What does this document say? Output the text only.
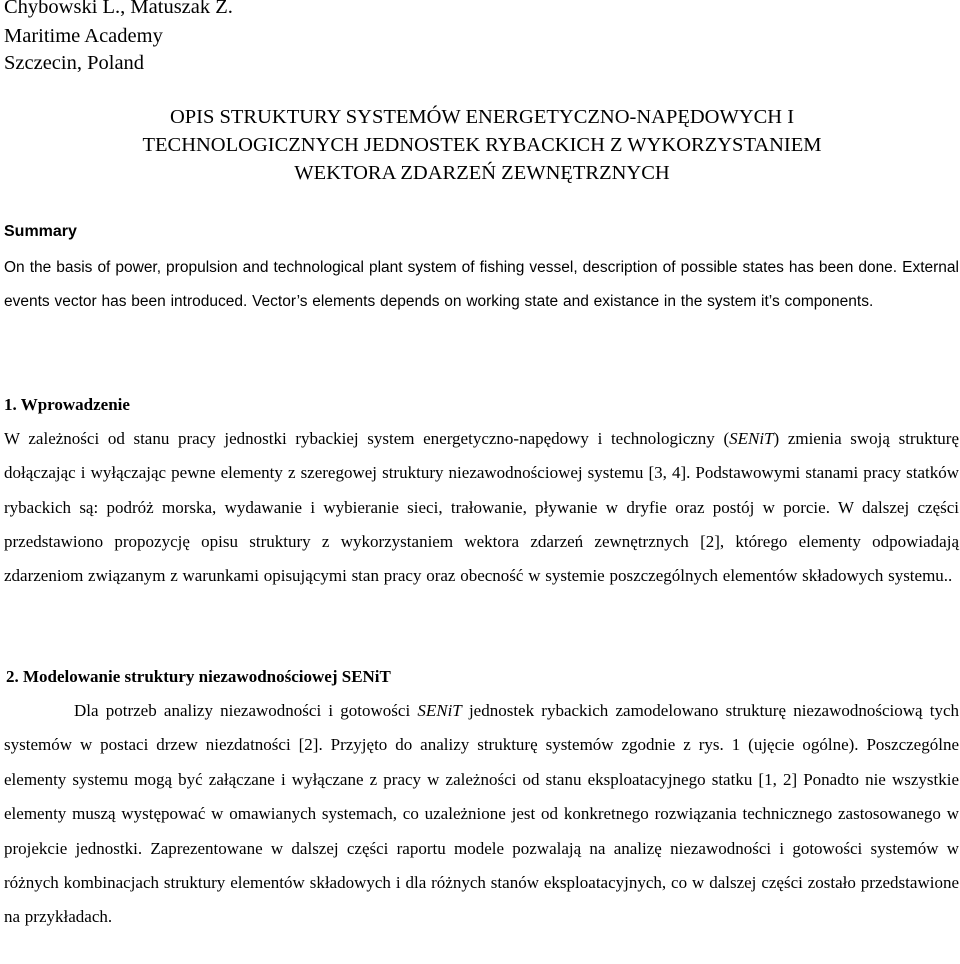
Chybowski L., Matuszak Z.
Maritime Academy
Szczecin, Poland
OPIS STRUKTURY SYSTEMÓW ENERGETYCZNO-NAPĘDOWYCH I
TECHNOLOGICZNYCH JEDNOSTEK RYBACKICH Z WYKORZYSTANIEM
WEKTORA ZDARZEŃ ZEWNĘTRZNYCH
Summary
On the basis of power, propulsion and technological plant system of fishing vessel, description of possible states has been done. External events vector has been introduced. Vector’s elements depends on working state and existance in the system it’s components.
1. Wprowadzenie
W zależności od stanu pracy jednostki rybackiej system energetyczno-napędowy i technologiczny (SENiT) zmienia swoją strukturę dołączając i wyłączając pewne elementy z szeregowej struktury niezawodnościowej systemu [3, 4]. Podstawowymi stanami pracy statków rybackich są: podróż morska, wydawanie i wybieranie sieci, trałowanie, pływanie w dryfie oraz postój w porcie. W dalszej części przedstawiono propozycję opisu struktury z wykorzystaniem wektora zdarzeń zewnętrznych [2], którego elementy odpowiadają zdarzeniom związanym z warunkami opisującymi stan pracy oraz obecność w systemie poszczególnych elementów składowych systemu..
2. Modelowanie struktury niezawodnościowej SENiT
Dla potrzeb analizy niezawodności i gotowości SENiT jednostek rybackich zamodelowano strukturę niezawodnościową tych systemów w postaci drzew niezdatności [2]. Przyjęto do analizy strukturę systemów zgodnie z rys. 1 (ujęcie ogólne). Poszczególne elementy systemu mogą być załączane i wyłączane z pracy w zależności od stanu eksploatacyjnego statku [1, 2] Ponadto nie wszystkie elementy muszą występować w omawianych systemach, co uzależnione jest od konkretnego rozwiązania technicznego zastosowanego w projekcie jednostki. Zaprezentowane w dalszej części raportu modele pozwalają na analizę niezawodności i gotowości systemów w różnych kombinacjach struktury elementów składowych i dla różnych stanów eksploatacyjnych, co w dalszej części zostało przedstawione na przykładach.
